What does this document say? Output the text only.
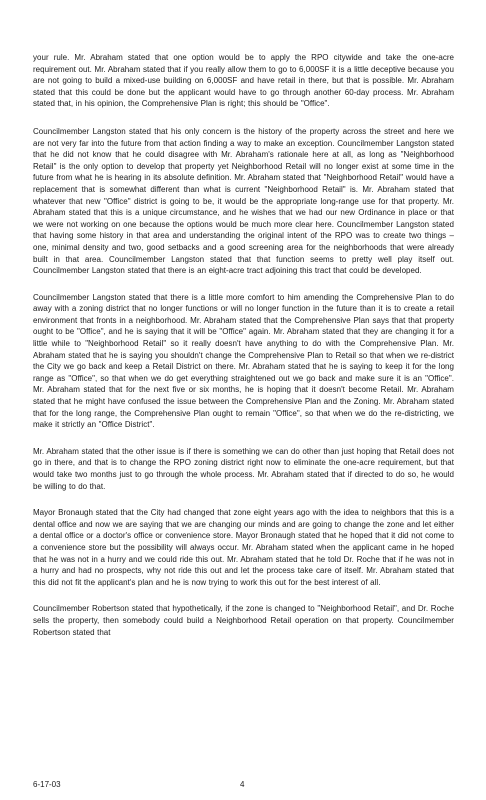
your rule. Mr. Abraham stated that one option would be to apply the RPO citywide and take the one-acre requirement out. Mr. Abraham stated that if you really allow them to go to 6,000SF it is a little deceptive because you are not going to build a mixed-use building on 6,000SF and have retail in there, but that is possible. Mr. Abraham stated that this could be done but the applicant would have to go through another 60-day process. Mr. Abraham stated that, in his opinion, the Comprehensive Plan is right; this should be "Office".

Councilmember Langston stated that his only concern is the history of the property across the street and here we are not very far into the future from that action finding a way to make an exception. Councilmember Langston stated that he did not know that he could disagree with Mr. Abraham's rationale here at all, as long as "Neighborhood Retail" is the only option to develop that property yet Neighborhood Retail will no longer exist at some time in the future from what he is hearing in its absolute definition. Mr. Abraham stated that "Neighborhood Retail" would have a replacement that is somewhat different than what is current "Neighborhood Retail" is. Mr. Abraham stated that whatever that new "Office" district is going to be, it would be the appropriate long-range use for that property. Mr. Abraham stated that this is a unique circumstance, and he wishes that we had our new Ordinance in place or that we were not working on one because the options would be much more clear here. Councilmember Langston stated that having some history in that area and understanding the original intent of the RPO was to create two things – one, minimal density and two, good setbacks and a good screening area for the neighborhoods that were already built in that area. Councilmember Langston stated that that function seems to pretty well play itself out. Councilmember Langston stated that there is an eight-acre tract adjoining this tract that could be developed.

Councilmember Langston stated that there is a little more comfort to him amending the Comprehensive Plan to do away with a zoning district that no longer functions or will no longer function in the future than it is to create a retail environment that fronts in a neighborhood. Mr. Abraham stated that the Comprehensive Plan says that that property ought to be "Office", and he is saying that it will be "Office" again. Mr. Abraham stated that they are changing it for a little while to "Neighborhood Retail" so it really doesn't have anything to do with the Comprehensive Plan. Mr. Abraham stated that he is saying you shouldn't change the Comprehensive Plan to Retail so that when we re-district the City we go back and keep a Retail District on there. Mr. Abraham stated that he is saying to keep it for the long range as "Office", so that when we do get everything straightened out we go back and make sure it is an "Office". Mr. Abraham stated that for the next five or six months, he is hoping that it doesn't become Retail. Mr. Abraham stated that he might have confused the issue between the Comprehensive Plan and the Zoning. Mr. Abraham stated that for the long range, the Comprehensive Plan ought to remain "Office", so that when we do the re-districting, we make it strictly an "Office District".

Mr. Abraham stated that the other issue is if there is something we can do other than just hoping that Retail does not go in there, and that is to change the RPO zoning district right now to eliminate the one-acre requirement, but that would take two months just to go through the whole process. Mr. Abraham stated that if directed to do so, he would be willing to do that.

Mayor Bronaugh stated that the City had changed that zone eight years ago with the idea to neighbors that this is a dental office and now we are saying that we are changing our minds and are going to change the zone and let either a dental office or a doctor's office or convenience store. Mayor Bronaugh stated that he hoped that it did not come to a convenience store but the possibility will always occur. Mr. Abraham stated when the applicant came in he hoped that he was not in a hurry and we could ride this out. Mr. Abraham stated that he told Dr. Roche that if he was not in a hurry and had no prospects, why not ride this out and let the process take care of itself. Mr. Abraham stated that this did not fit the applicant's plan and he is now trying to work this out for the best interest of all.

Councilmember Robertson stated that hypothetically, if the zone is changed to "Neighborhood Retail", and Dr. Roche sells the property, then somebody could build a Neighborhood Retail operation on that property. Councilmember Robertson stated that

6-17-03	4
